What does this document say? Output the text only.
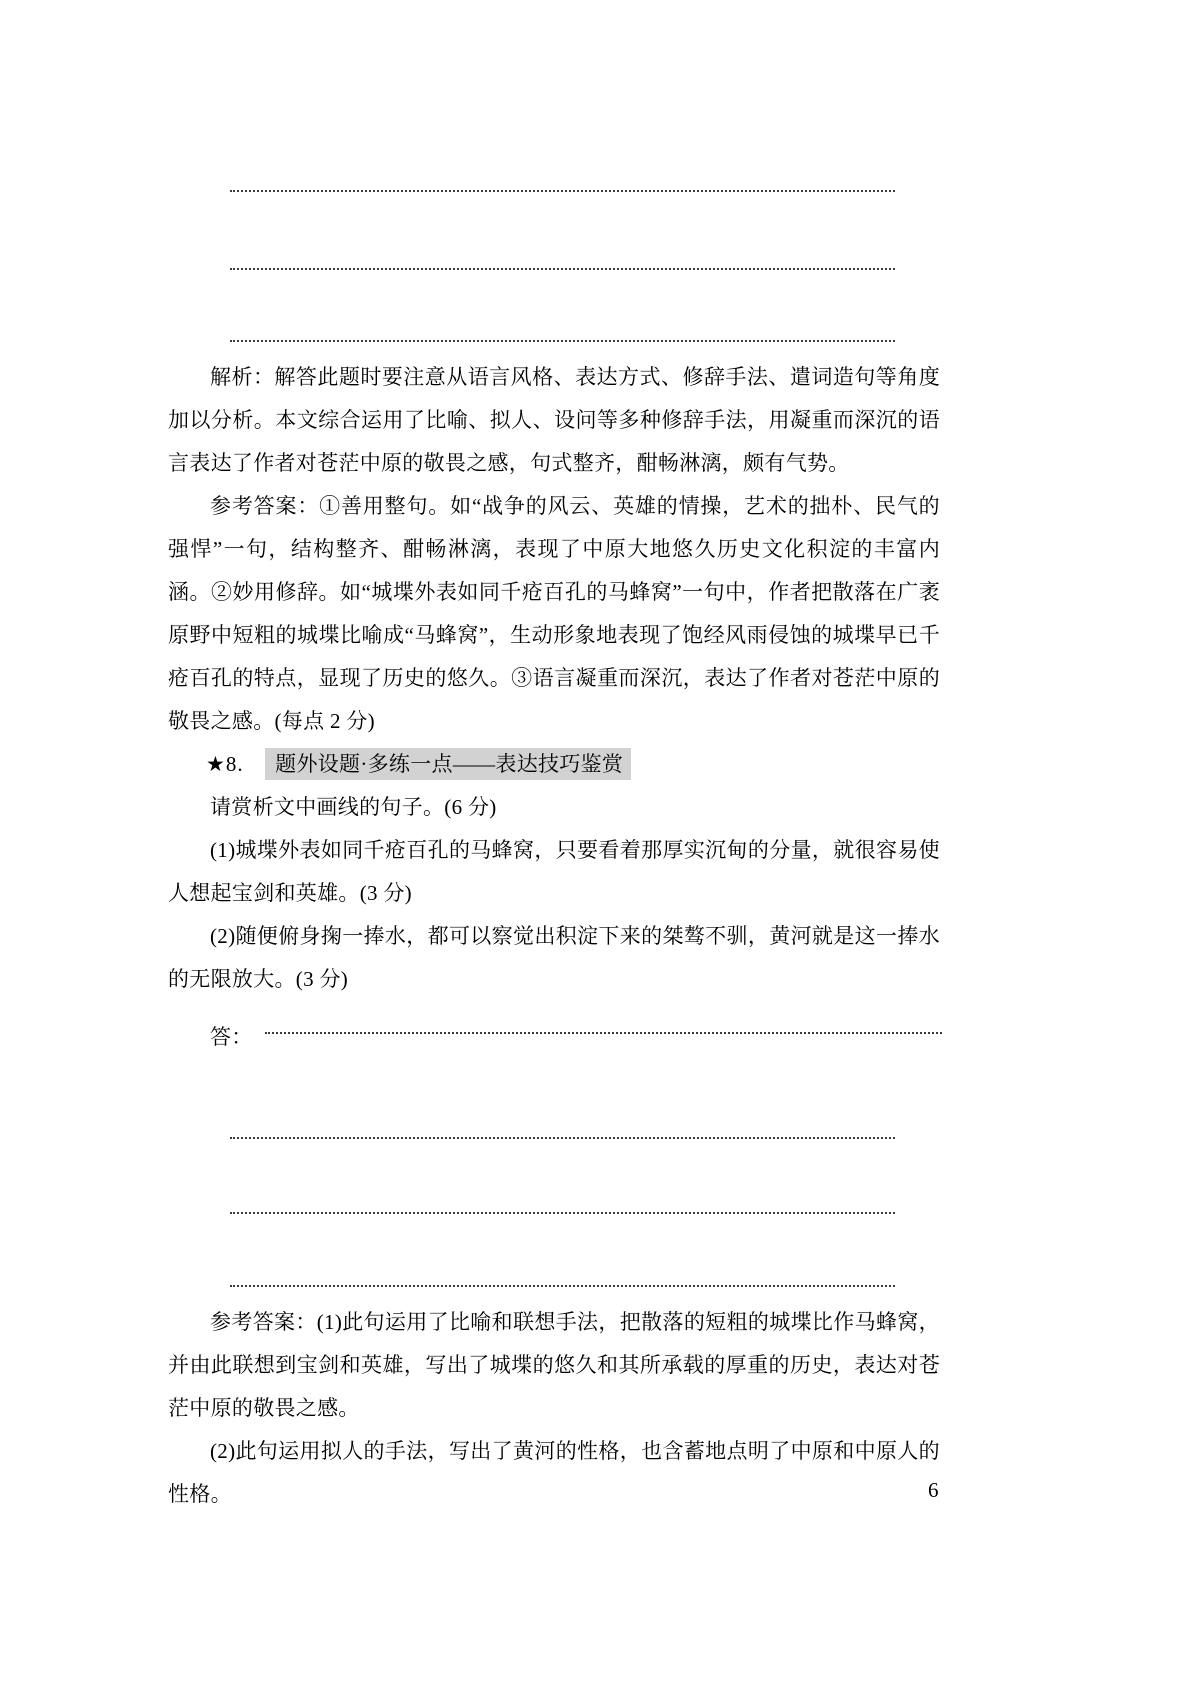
解析：解答此题时要注意从语言风格、表达方式、修辞手法、遣词造句等角度加以分析。本文综合运用了比喻、拟人、设问等多种修辞手法，用凝重而深沉的语言表达了作者对苍茫中原的敬畏之感，句式整齐，酣畅淋漓，颇有气势。

参考答案：①善用整句。如“战争的风云、英雄的情操，艺术的拙朴、民气的强悍”一句，结构整齐、酣畅淋漓，表现了中原大地悠久历史文化积淀的丰富内涵。②妙用修辞。如“城堞外表如同千疮百孔的马蜂窝”一句中，作者把散落在广袤原野中短粗的城堞比喻成“马蜂窝”，生动形象地表现了饱经风雨侵蚀的城堞早已千疮百孔的特点，显现了历史的悠久。③语言凝重而深沉，表达了作者对苍茫中原的敬畏之感。(每点 2 分)

★8. 题外设题·多练一点——表达技巧鉴赏

请赏析文中画线的句子。(6 分)

(1)城堞外表如同千疮百孔的马蜂窝，只要看着那厚实沉甸的分量，就很容易使人想起宝剑和英雄。(3 分)

(2)随便俯身掬一捧水，都可以察觉出积淀下来的桀骜不驯，黄河就是这一捧水的无限放大。(3 分)

答：

参考答案：(1)此句运用了比喻和联想手法，把散落的短粗的城堞比作马蜂窝，并由此联想到宝剑和英雄，写出了城堞的悠久和其所承载的厚重的历史，表达对苍茫中原的敬畏之感。

(2)此句运用拟人的手法，写出了黄河的性格，也含蓄地点明了中原和中原人的性格。	6
